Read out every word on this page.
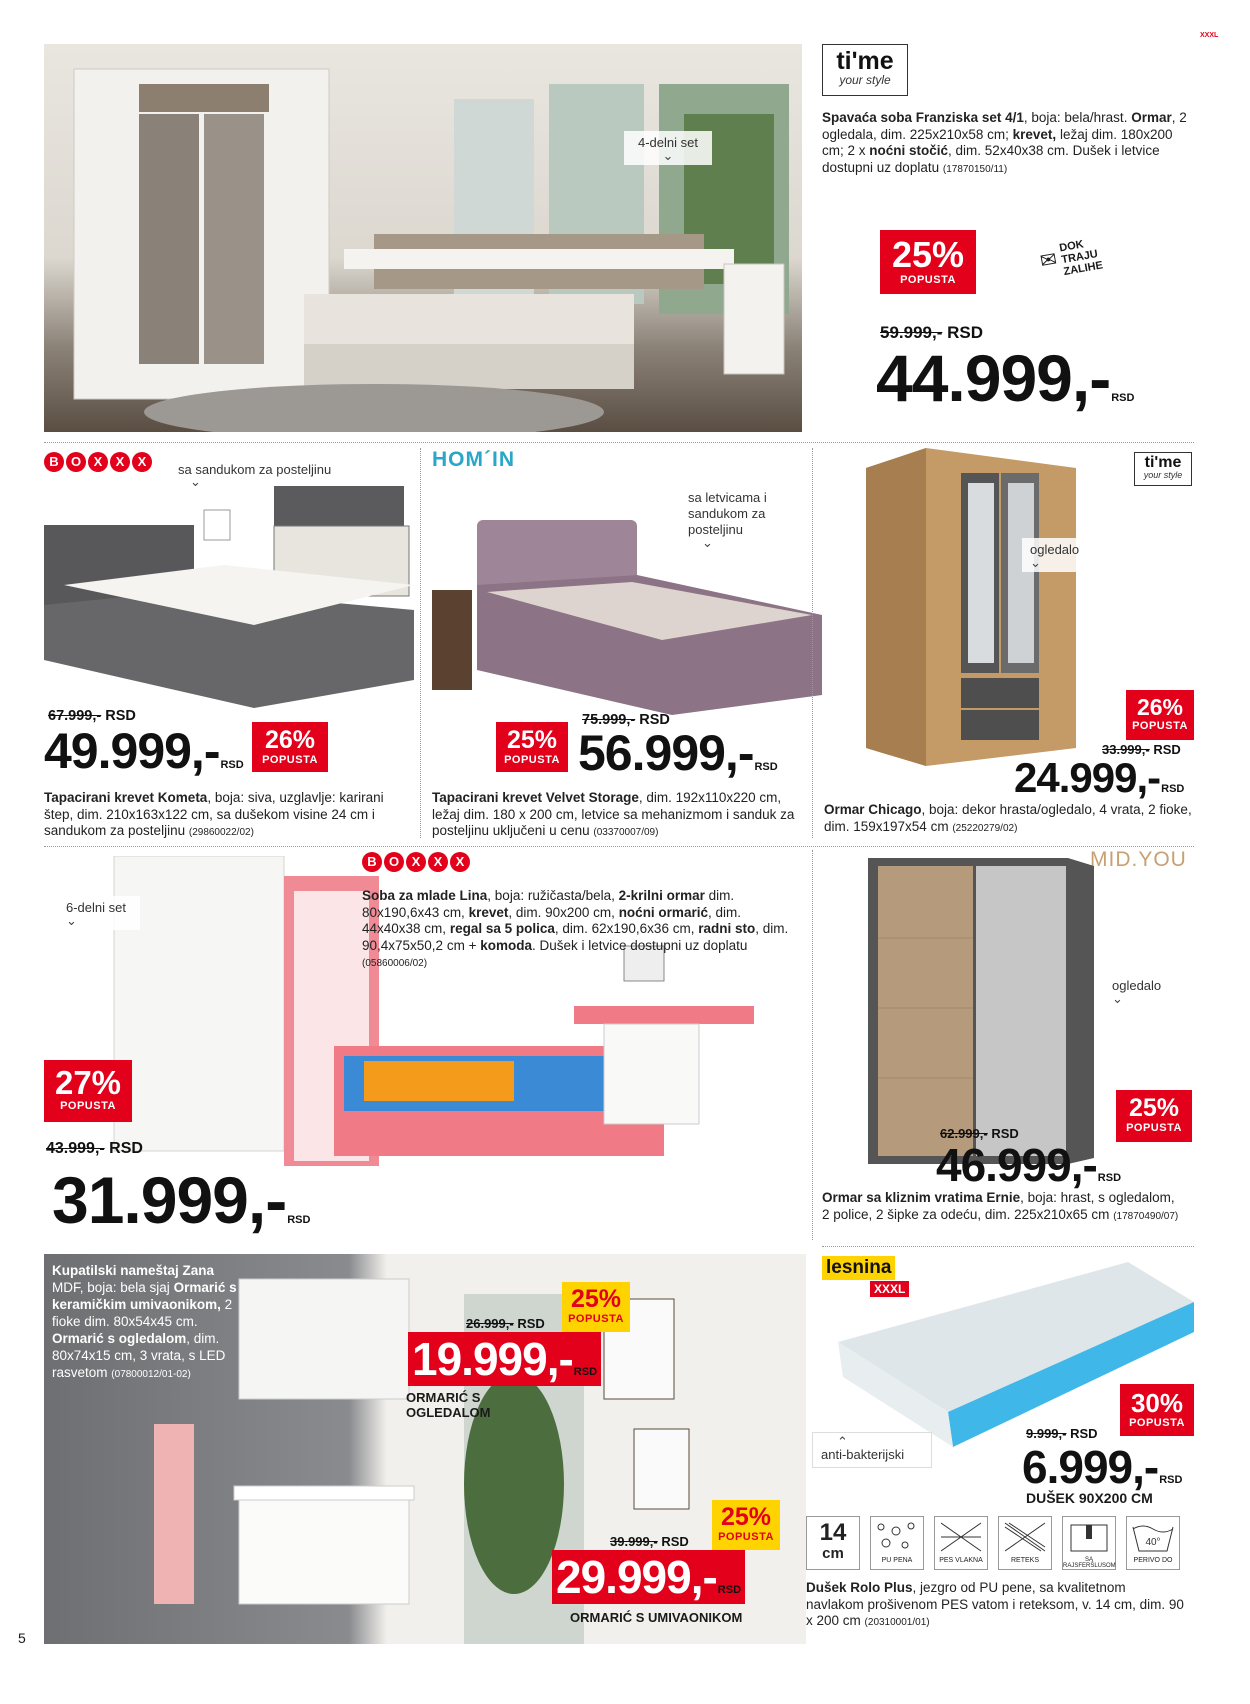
4-delni set
⌄
tiʹme
your style
Spavaća soba Franziska set 4/1, boja: bela/hrast. Ormar, 2 ogledala, dim. 225x210x58 cm; krevet, ležaj dim. 180x200 cm; 2 x noćni stočić, dim. 52x40x38 cm. Dušek i letvice dostupni uz doplatu (17870150/11)
25%
POPUSTA
✉ DOK TRAJU ZALIHE
59.999,- RSD
44.999,-RSD
B O X	X	X
sa sandukom za posteljinu
⌄
67.999,- RSD
49.999,-RSD
26%
POPUSTA
Tapacirani krevet Kometa, boja: siva, uzglavlje: karirani štep, dim. 210x163x122 cm, sa dušekom visine 24 cm i sandukom za posteljinu (29860022/02)
HOM´IN
sa letvicama i sandukom za posteljinu
⌄
25%
POPUSTA
75.999,- RSD
56.999,-RSD
Tapacirani krevet Velvet Storage, dim. 192x110x220 cm, ležaj dim. 180 x 200 cm, letvice sa mehanizmom i sanduk za posteljinu uključeni u cenu (03370007/09)
tiʹme
your style
ogledalo
⌄
26%
POPUSTA
33.999,- RSD
24.999,-RSD
Ormar Chicago, boja: dekor hrasta/ogledalo, 4 vrata, 2 fioke, dim. 159x197x54 cm (25220279/02)
B O X	X	X
6-delni set
⌄
Soba za mlade Lina, boja: ružičasta/bela, 2-krilni ormar dim. 80x190,6x43 cm, krevet, dim. 90x200 cm, noćni ormarić, dim. 44x40x38 cm, regal sa 5 polica, dim. 62x190,6x36 cm, radni sto, dim. 90,4x75x50,2 cm + komoda. Dušek i letvice dostupni uz doplatu (05860006/02)
27%
POPUSTA
43.999,- RSD
31.999,-RSD
MID.YOU
ogledalo
⌄
25%
POPUSTA
62.999,- RSD
46.999,-RSD
Ormar sa kliznim vratima Ernie, boja: hrast, s ogledalom, 2 police, 2 šipke za odeću, dim. 225x210x65 cm (17870490/07)
Kupatilski nameštaj Zana MDF, boja: bela sjaj Ormarić s keramičkim umivaonikom, 2 fioke dim. 80x54x45 cm. Ormarić s ogledalom, dim. 80x74x15 cm, 3 vrata, s LED rasvetom (07800012/01-02)
25%
POPUSTA
26.999,- RSD
19.999,-RSD
ORMARIĆ S OGLEDALOM
25%
POPUSTA
39.999,- RSD
29.999,-RSD
ORMARIĆ S UMIVAONIKOM
lesnina XXXL
⌃
anti-bakterijski
30%
POPUSTA
9.999,- RSD
6.999,-RSD
DUŠEK 90X200 CM
14
cm	PU PENA	PES VLAKNA	RETEKS	SA RAJSFERŠLUSOM
40°
PERIVO DO
Dušek Rolo Plus, jezgro od PU pene, sa kvalitetnom navlakom prošivenom PES vatom i reteksom, v. 14 cm, dim. 90 x 200 cm (20310001/01)
5
XXXL
